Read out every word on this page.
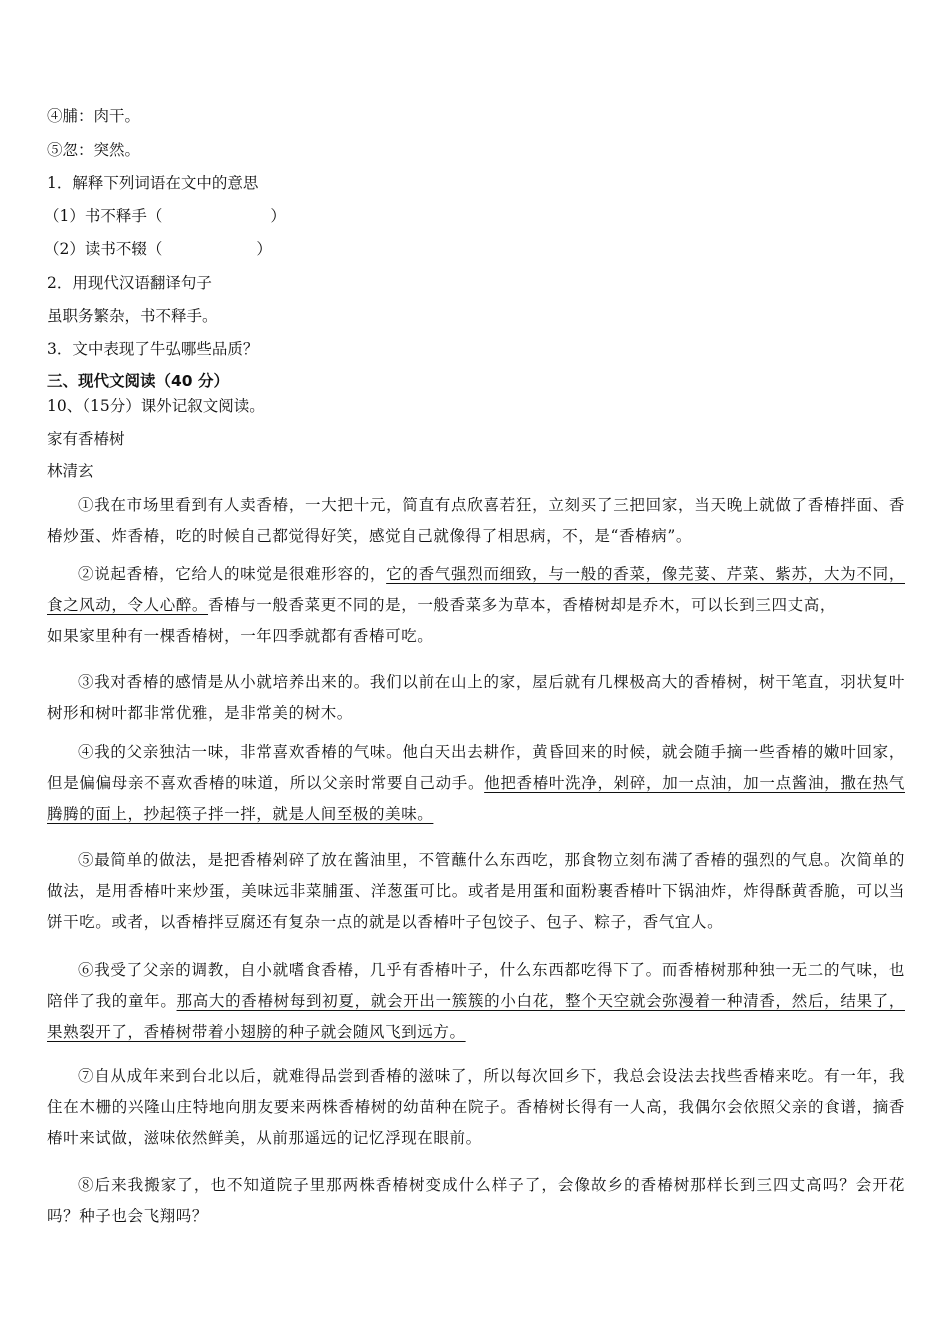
④脯：肉干。
⑤忽：突然。
1．解释下列词语在文中的意思
（1）书不释手（	）
（2）读书不辍（	）
2．用现代汉语翻译句子
虽职务繁杂，书不释手。
3．文中表现了牛弘哪些品质？
三、现代文阅读（40 分）
10、（15分）课外记叙文阅读。
家有香椿树
林清玄
①我在市场里看到有人卖香椿，一大把十元，简直有点欣喜若狂，立刻买了三把回家，当天晚上就做了香椿拌面、香椿炒蛋、炸香椿，吃的时候自己都觉得好笑，感觉自己就像得了相思病，不，是“香椿病”。
②说起香椿，它给人的味觉是很难形容的，它的香气强烈而细致，与一般的香菜，像芫荽、芹菜、紫苏，大为不同，食之风动，令人心醉。香椿与一般香菜更不同的是，一般香菜多为草本，香椿树却是乔木，可以长到三四丈高，
如果家里种有一棵香椿树，一年四季就都有香椿可吃。
③我对香椿的感情是从小就培养出来的。我们以前在山上的家，屋后就有几棵极高大的香椿树，树干笔直，羽状复叶树形和树叶都非常优雅，是非常美的树木。
④我的父亲独沽一味，非常喜欢香椿的气味。他白天出去耕作，黄昏回来的时候，就会随手摘一些香椿的嫩叶回家，但是偏偏母亲不喜欢香椿的味道，所以父亲时常要自己动手。他把香椿叶洗净，剁碎，加一点油，加一点酱油，撒在热气腾腾的面上，抄起筷子拌一拌，就是人间至极的美味。
⑤最简单的做法，是把香椿剁碎了放在酱油里，不管蘸什么东西吃，那食物立刻布满了香椿的强烈的气息。次简单的做法，是用香椿叶来炒蛋，美味远非菜脯蛋、洋葱蛋可比。或者是用蛋和面粉裹香椿叶下锅油炸，炸得酥黄香脆，可以当饼干吃。或者，以香椿拌豆腐还有复杂一点的就是以香椿叶子包饺子、包子、粽子，香气宜人。
⑥我受了父亲的调教，自小就嗜食香椿，几乎有香椿叶子，什么东西都吃得下了。而香椿树那种独一无二的气味，也陪伴了我的童年。那高大的香椿树每到初夏，就会开出一簇簇的小白花，整个天空就会弥漫着一种清香，然后，结果了，果熟裂开了，香椿树带着小翅膀的种子就会随风飞到远方。
⑦自从成年来到台北以后，就难得品尝到香椿的滋味了，所以每次回乡下，我总会设法去找些香椿来吃。有一年，我住在木栅的兴隆山庄特地向朋友要来两株香椿树的幼苗种在院子。香椿树长得有一人高，我偶尔会依照父亲的食谱，摘香椿叶来试做，滋味依然鲜美，从前那遥远的记忆浮现在眼前。
⑧后来我搬家了，也不知道院子里那两株香椿树变成什么样子了，会像故乡的香椿树那样长到三四丈高吗？会开花吗？种子也会飞翔吗？
